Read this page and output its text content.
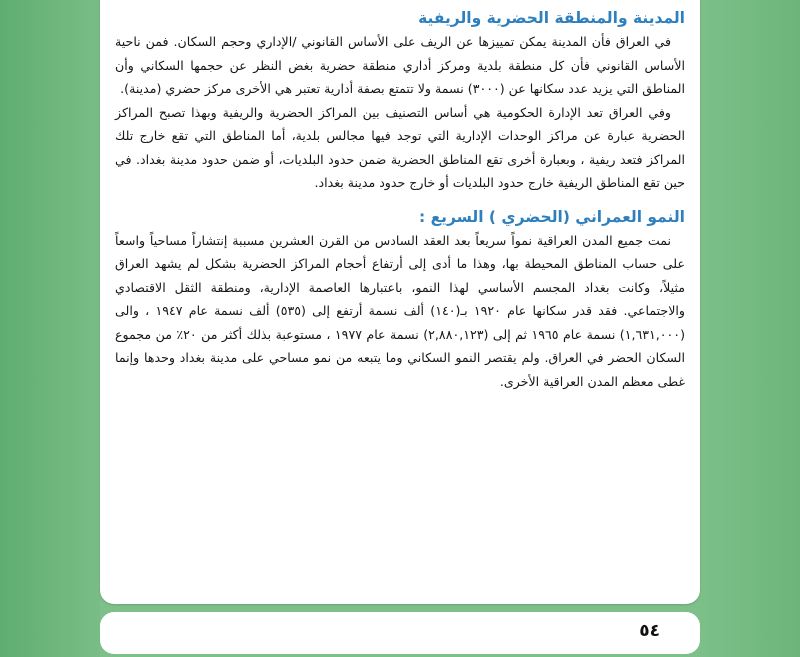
المدينة والمنطقة الحضرية والريفية

في العراق فأن المدينة يمكن تمييزها عن الريف على الأساس القانوني /الإداري وحجم السكان. فمن ناحية الأساس القانوني فأن كل منطقة بلدية ومركز أداري منطقة حضرية بغض النظر عن حجمها السكاني وأن المناطق التي يزيد عدد سكانها عن (٣٠٠٠) نسمة ولا تتمتع بصفة أدارية تعتبر هي الأخرى مركز حضري (مدينة).

وفي العراق تعد الإدارة الحكومية هي أساس التصنيف بين المراكز الحضرية والريفية وبهذا تصبح المراكز الحضرية عبارة عن مراكز الوحدات الإدارية التي توجد فيها مجالس بلدية، أما المناطق التي تقع خارج تلك المراكز فتعد ريفية ، وبعبارة أخرى تقع المناطق الحضرية ضمن حدود البلديات، أو ضمن حدود مدينة بغداد. في حين تقع المناطق الريفية خارج حدود البلديات أو خارج حدود مدينة بغداد.

النمو العمراني (الحضري ) السريع :

نمت جميع المدن العراقية نمواً سريعاً بعد العقد السادس من القرن العشرين مسببة إنتشاراً مساحياً واسعاً على حساب المناطق المحيطة بها، وهذا ما أدى إلى أرتفاع أحجام المراكز الحضرية بشكل لم يشهد العراق مثيلاً، وكانت بغداد المجسم الأساسي لهذا النمو، باعتبارها العاصمة الإدارية، ومنطقة الثقل الاقتصادي والاجتماعي. فقد قدر سكانها عام ١٩٢٠ بـ(١٤٠) ألف نسمة أرتفع إلى (٥٣٥) ألف نسمة عام ١٩٤٧ ، والى (١,٦٣١,٠٠٠) نسمة عام ١٩٦٥ ثم إلى (٢,٨٨٠,١٢٣) نسمة عام ١٩٧٧ ، مستوعبة بذلك أكثر من ٢٠٪ من مجموع السكان الحضر في العراق. ولم يقتصر النمو السكاني وما يتبعه من نمو مساحي على مدينة بغداد وحدها وإنما غطى معظم المدن العراقية الأخرى.

٥٤
